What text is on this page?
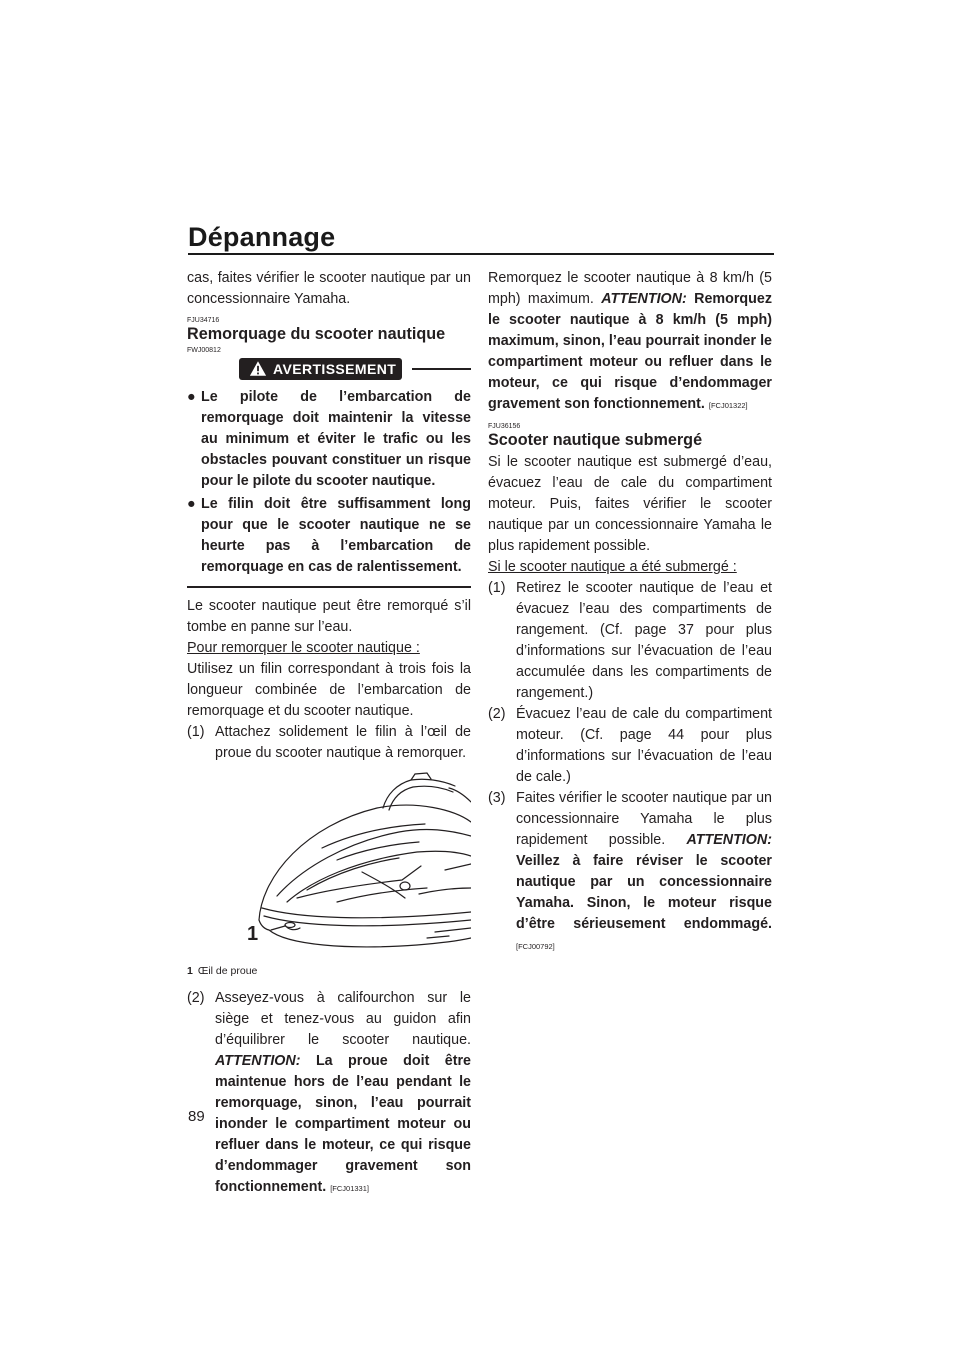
Dépannage

cas, faites vérifier le scooter nautique par un concessionnaire Yamaha.

FJU34716
Remorquage du scooter nautique
FWJ00812
AVERTISSEMENT
● Le pilote de l’embarcation de remorquage doit maintenir la vitesse au minimum et éviter le trafic ou les obstacles pouvant constituer un risque pour le pilote du scooter nautique.
● Le filin doit être suffisamment long pour que le scooter nautique ne se heurte pas à l’embarcation de remorquage en cas de ralentissement.

Le scooter nautique peut être remorqué s’il tombe en panne sur l’eau.

Pour remorquer le scooter nautique :

Utilisez un filin correspondant à trois fois la longueur combinée de l’embarcation de remorquage et du scooter nautique.

(1) Attachez solidement le filin à l’œil de proue du scooter nautique à remorquer.
1
1 Œil de proue
(2) Asseyez-vous à califourchon sur le siège et tenez-vous au guidon afin d’équilibrer le scooter nautique. ATTENTION: La proue doit être maintenue hors de l’eau pendant le remorquage, sinon, l’eau pourrait inonder le compartiment moteur ou refluer dans le moteur, ce qui risque d’endommager gravement son fonctionnement. [FCJ01331]

Remorquez le scooter nautique à 8 km/h (5 mph) maximum. ATTENTION: Remorquez le scooter nautique à 8 km/h (5 mph) maximum, sinon, l’eau pourrait inonder le compartiment moteur ou refluer dans le moteur, ce qui risque d’endommager gravement son fonctionnement. [FCJ01322]

FJU36156
Scooter nautique submergé

Si le scooter nautique est submergé d’eau, évacuez l’eau de cale du compartiment moteur. Puis, faites vérifier le scooter nautique par un concessionnaire Yamaha le plus rapidement possible.

Si le scooter nautique a été submergé :

(1) Retirez le scooter nautique de l’eau et évacuez l’eau des compartiments de rangement. (Cf. page 37 pour plus d’informations sur l’évacuation de l’eau accumulée dans les compartiments de rangement.)
(2) Évacuez l’eau de cale du compartiment moteur. (Cf. page 44 pour plus d’informations sur l’évacuation de l’eau de cale.)
(3) Faites vérifier le scooter nautique par un concessionnaire Yamaha le plus rapidement possible. ATTENTION: Veillez à faire réviser le scooter nautique par un concessionnaire Yamaha. Sinon, le moteur risque d’être sérieusement endommagé. [FCJ00792]
89
